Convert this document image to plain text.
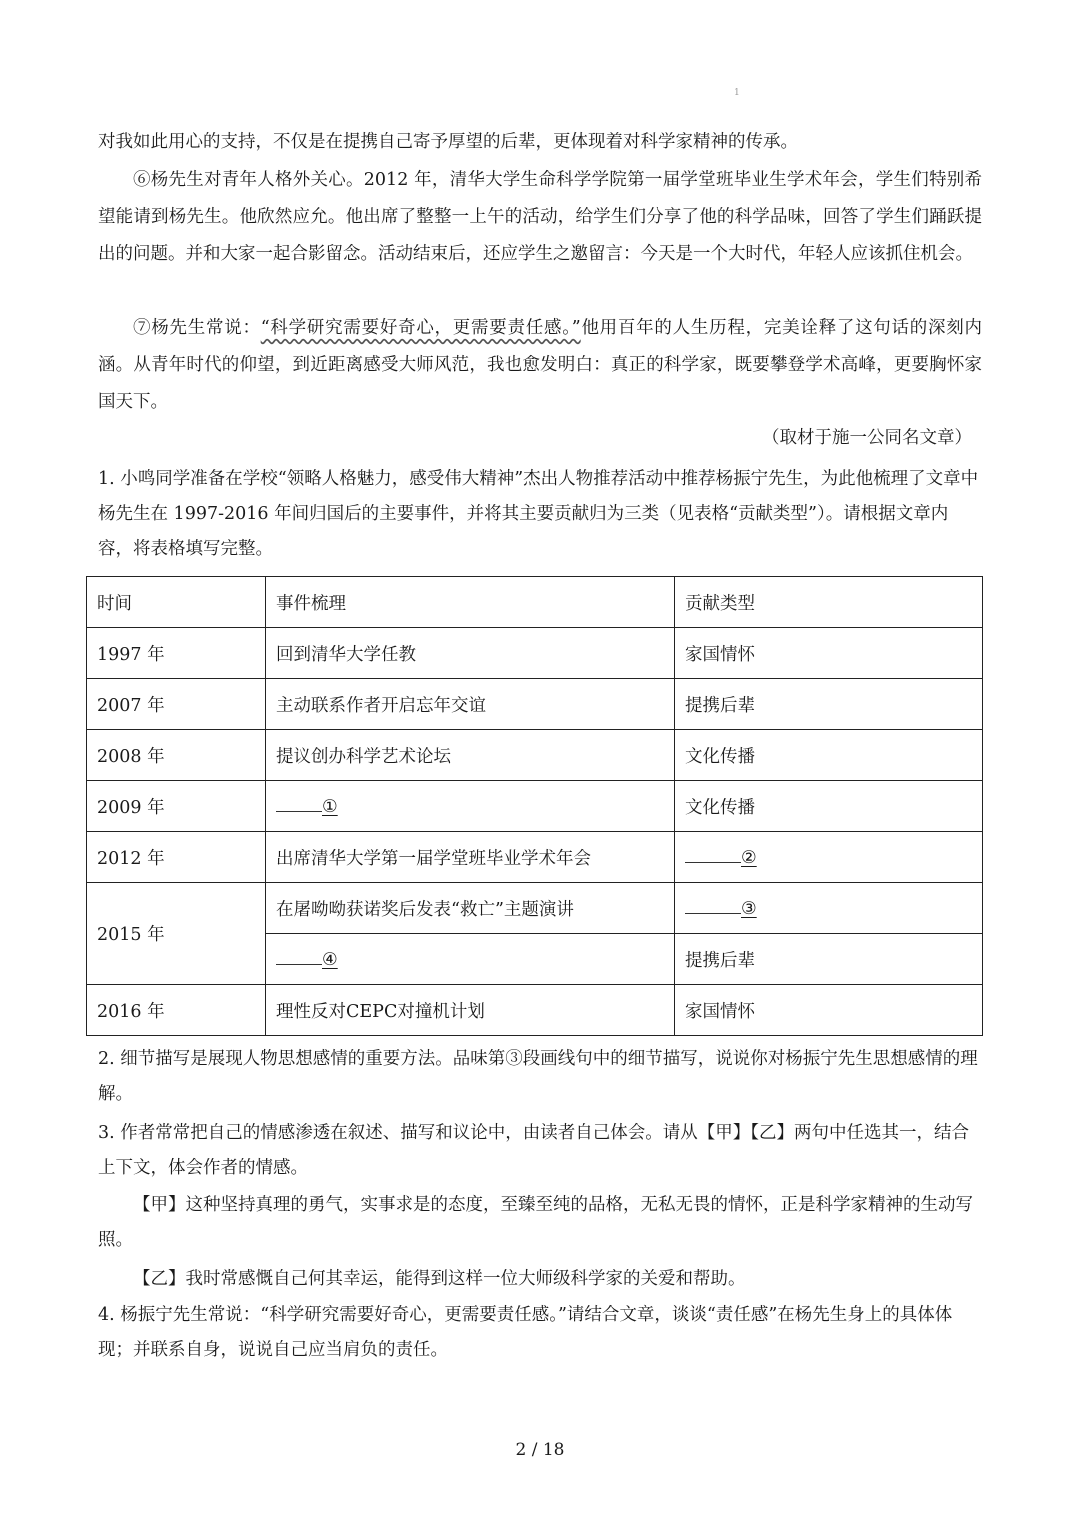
1

对我如此用心的支持，不仅是在提携自己寄予厚望的后辈，更体现着对科学家精神的传承。

⑥杨先生对青年人格外关心。2012 年，清华大学生命科学学院第一届学堂班毕业生学术年会，学生们特别希望能请到杨先生。他欣然应允。他出席了整整一上午的活动，给学生们分享了他的科学品味，回答了学生们踊跃提出的问题。并和大家一起合影留念。活动结束后，还应学生之邀留言：今天是一个大时代，年轻人应该抓住机会。

⑦杨先生常说：“科学研究需要好奇心，更需要责任感。”他用百年的人生历程，完美诠释了这句话的深刻内涵。从青年时代的仰望，到近距离感受大师风范，我也愈发明白：真正的科学家，既要攀登学术高峰，更要胸怀家国天下。

（取材于施一公同名文章）

1. 小鸣同学准备在学校“领略人格魅力，感受伟大精神”杰出人物推荐活动中推荐杨振宁先生，为此他梳理了文章中杨先生在 1997-2016 年间归国后的主要事件，并将其主要贡献归为三类（见表格“贡献类型”）。请根据文章内容，将表格填写完整。

时间	事件梳理	贡献类型
1997 年	回到清华大学任教	家国情怀
2007 年	主动联系作者开启忘年交谊	提携后辈
2008 年	提议创办科学艺术论坛	文化传播
2009 年	①	文化传播
2012 年	出席清华大学第一届学堂班毕业学术年会	②
2015 年	在屠呦呦获诺奖后发表“救亡”主题演讲	③
	④	提携后辈
2016 年	理性反对CEPC对撞机计划	家国情怀

2. 细节描写是展现人物思想感情的重要方法。品味第③段画线句中的细节描写，说说你对杨振宁先生思想感情的理解。

3. 作者常常把自己的情感渗透在叙述、描写和议论中，由读者自己体会。请从【甲】【乙】两句中任选其一，结合上下文，体会作者的情感。

【甲】这种坚持真理的勇气，实事求是的态度，至臻至纯的品格，无私无畏的情怀，正是科学家精神的生动写照。

【乙】我时常感慨自己何其幸运，能得到这样一位大师级科学家的关爱和帮助。

4. 杨振宁先生常说：“科学研究需要好奇心，更需要责任感。”请结合文章，谈谈“责任感”在杨先生身上的具体体现；并联系自身，说说自己应当肩负的责任。

2 / 18
